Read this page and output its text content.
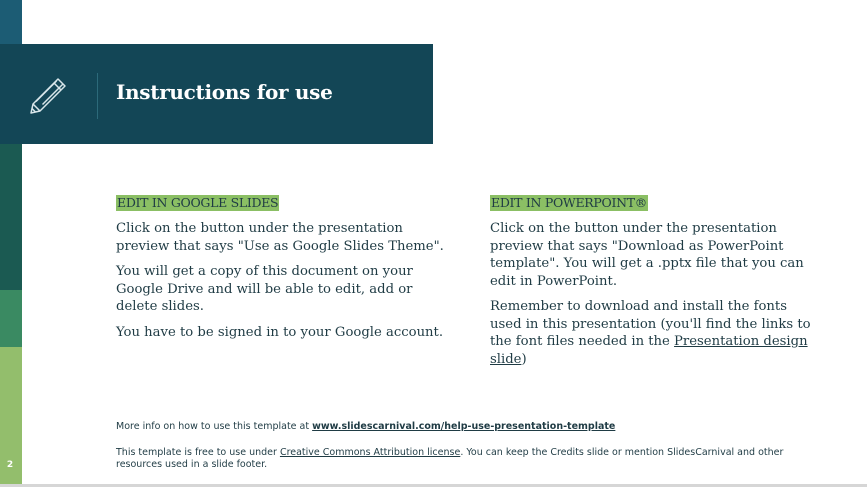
2
Instructions for use
EDIT IN GOOGLE SLIDES

Click on the button under the presentation preview that says "Use as Google Slides Theme".

You will get a copy of this document on your Google Drive and will be able to edit, add or delete slides.

You have to be signed in to your Google account.

EDIT IN POWERPOINT®

Click on the button under the presentation preview that says "Download as PowerPoint template". You will get a .pptx file that you can edit in PowerPoint.

Remember to download and install the fonts used in this presentation (you'll find the links to the font files needed in the Presentation design slide)

More info on how to use this template at www.slidescarnival.com/help-use-presentation-template
This template is free to use under Creative Commons Attribution license. You can keep the Credits slide or mention SlidesCarnival and other resources used in a slide footer.
